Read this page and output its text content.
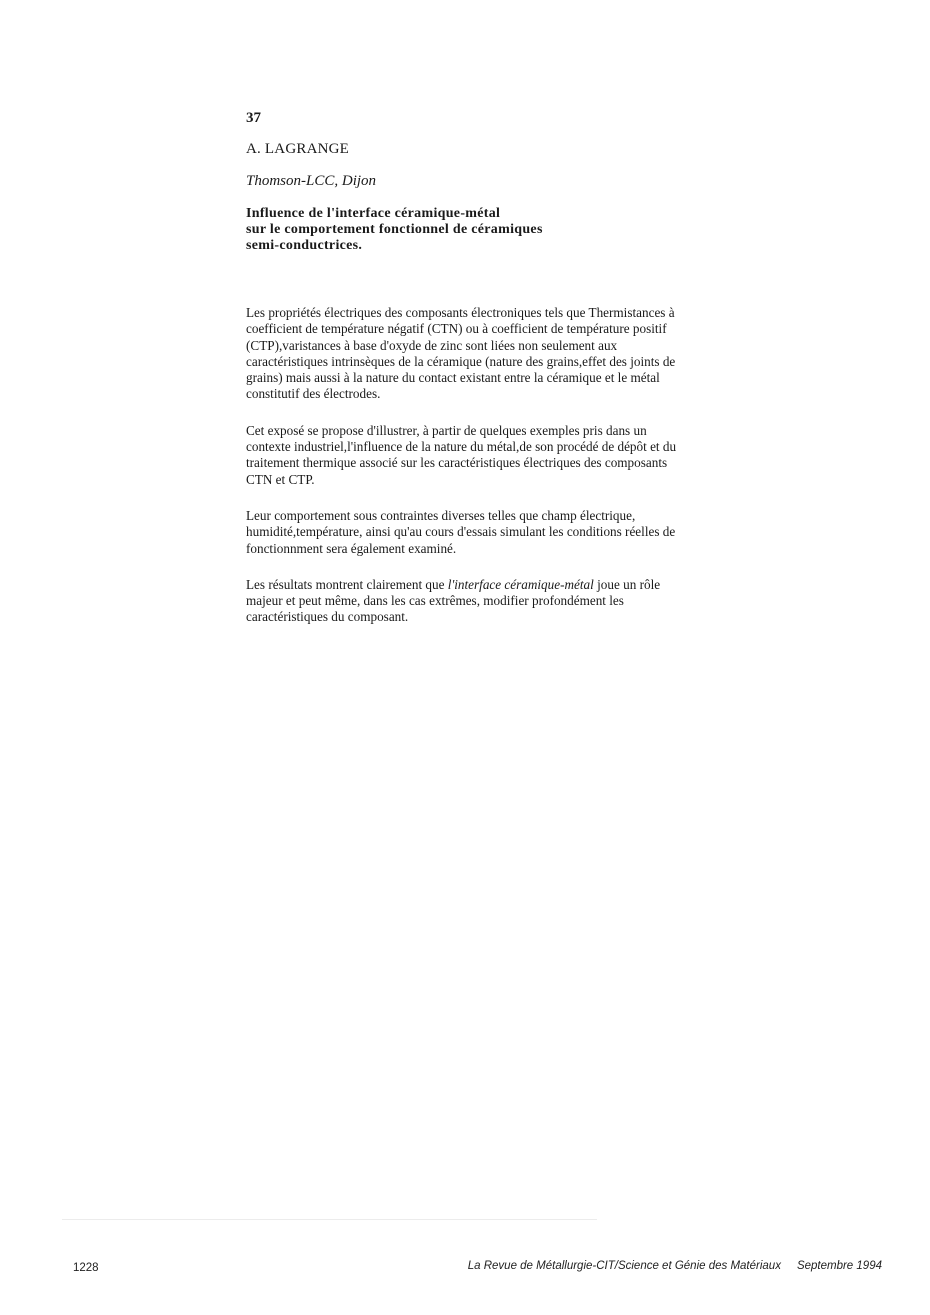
37
A. LAGRANGE
Thomson-LCC, Dijon
Influence de l'interface céramique-métal
sur le comportement fonctionnel de céramiques
semi-conductrices.

Les propriétés électriques des composants électroniques tels que Thermistances à
coefficient de température négatif (CTN) ou à coefficient de température positif
(CTP),varistances à base d'oxyde de zinc sont liées non seulement aux
caractéristiques intrinsèques de la céramique (nature des grains,effet des joints de
grains) mais aussi à la nature du contact existant entre la céramique et le métal
constitutif des électrodes.

Cet exposé se propose d'illustrer, à partir de quelques exemples pris dans un
contexte industriel,l'influence de la nature du métal,de son procédé de dépôt et du
traitement thermique associé sur les caractéristiques électriques des composants
CTN et CTP.

Leur comportement sous contraintes diverses telles que champ électrique,
humidité,température, ainsi qu'au cours d'essais simulant les conditions réelles de
fonctionnment sera également examiné.

Les résultats montrent clairement que l'interface céramique-métal joue un rôle
majeur et peut même, dans les cas extrêmes, modifier profondément les
caractéristiques du composant.

1228	La Revue de Métallurgie-CIT/Science et Génie des Matériaux Septembre 1994
